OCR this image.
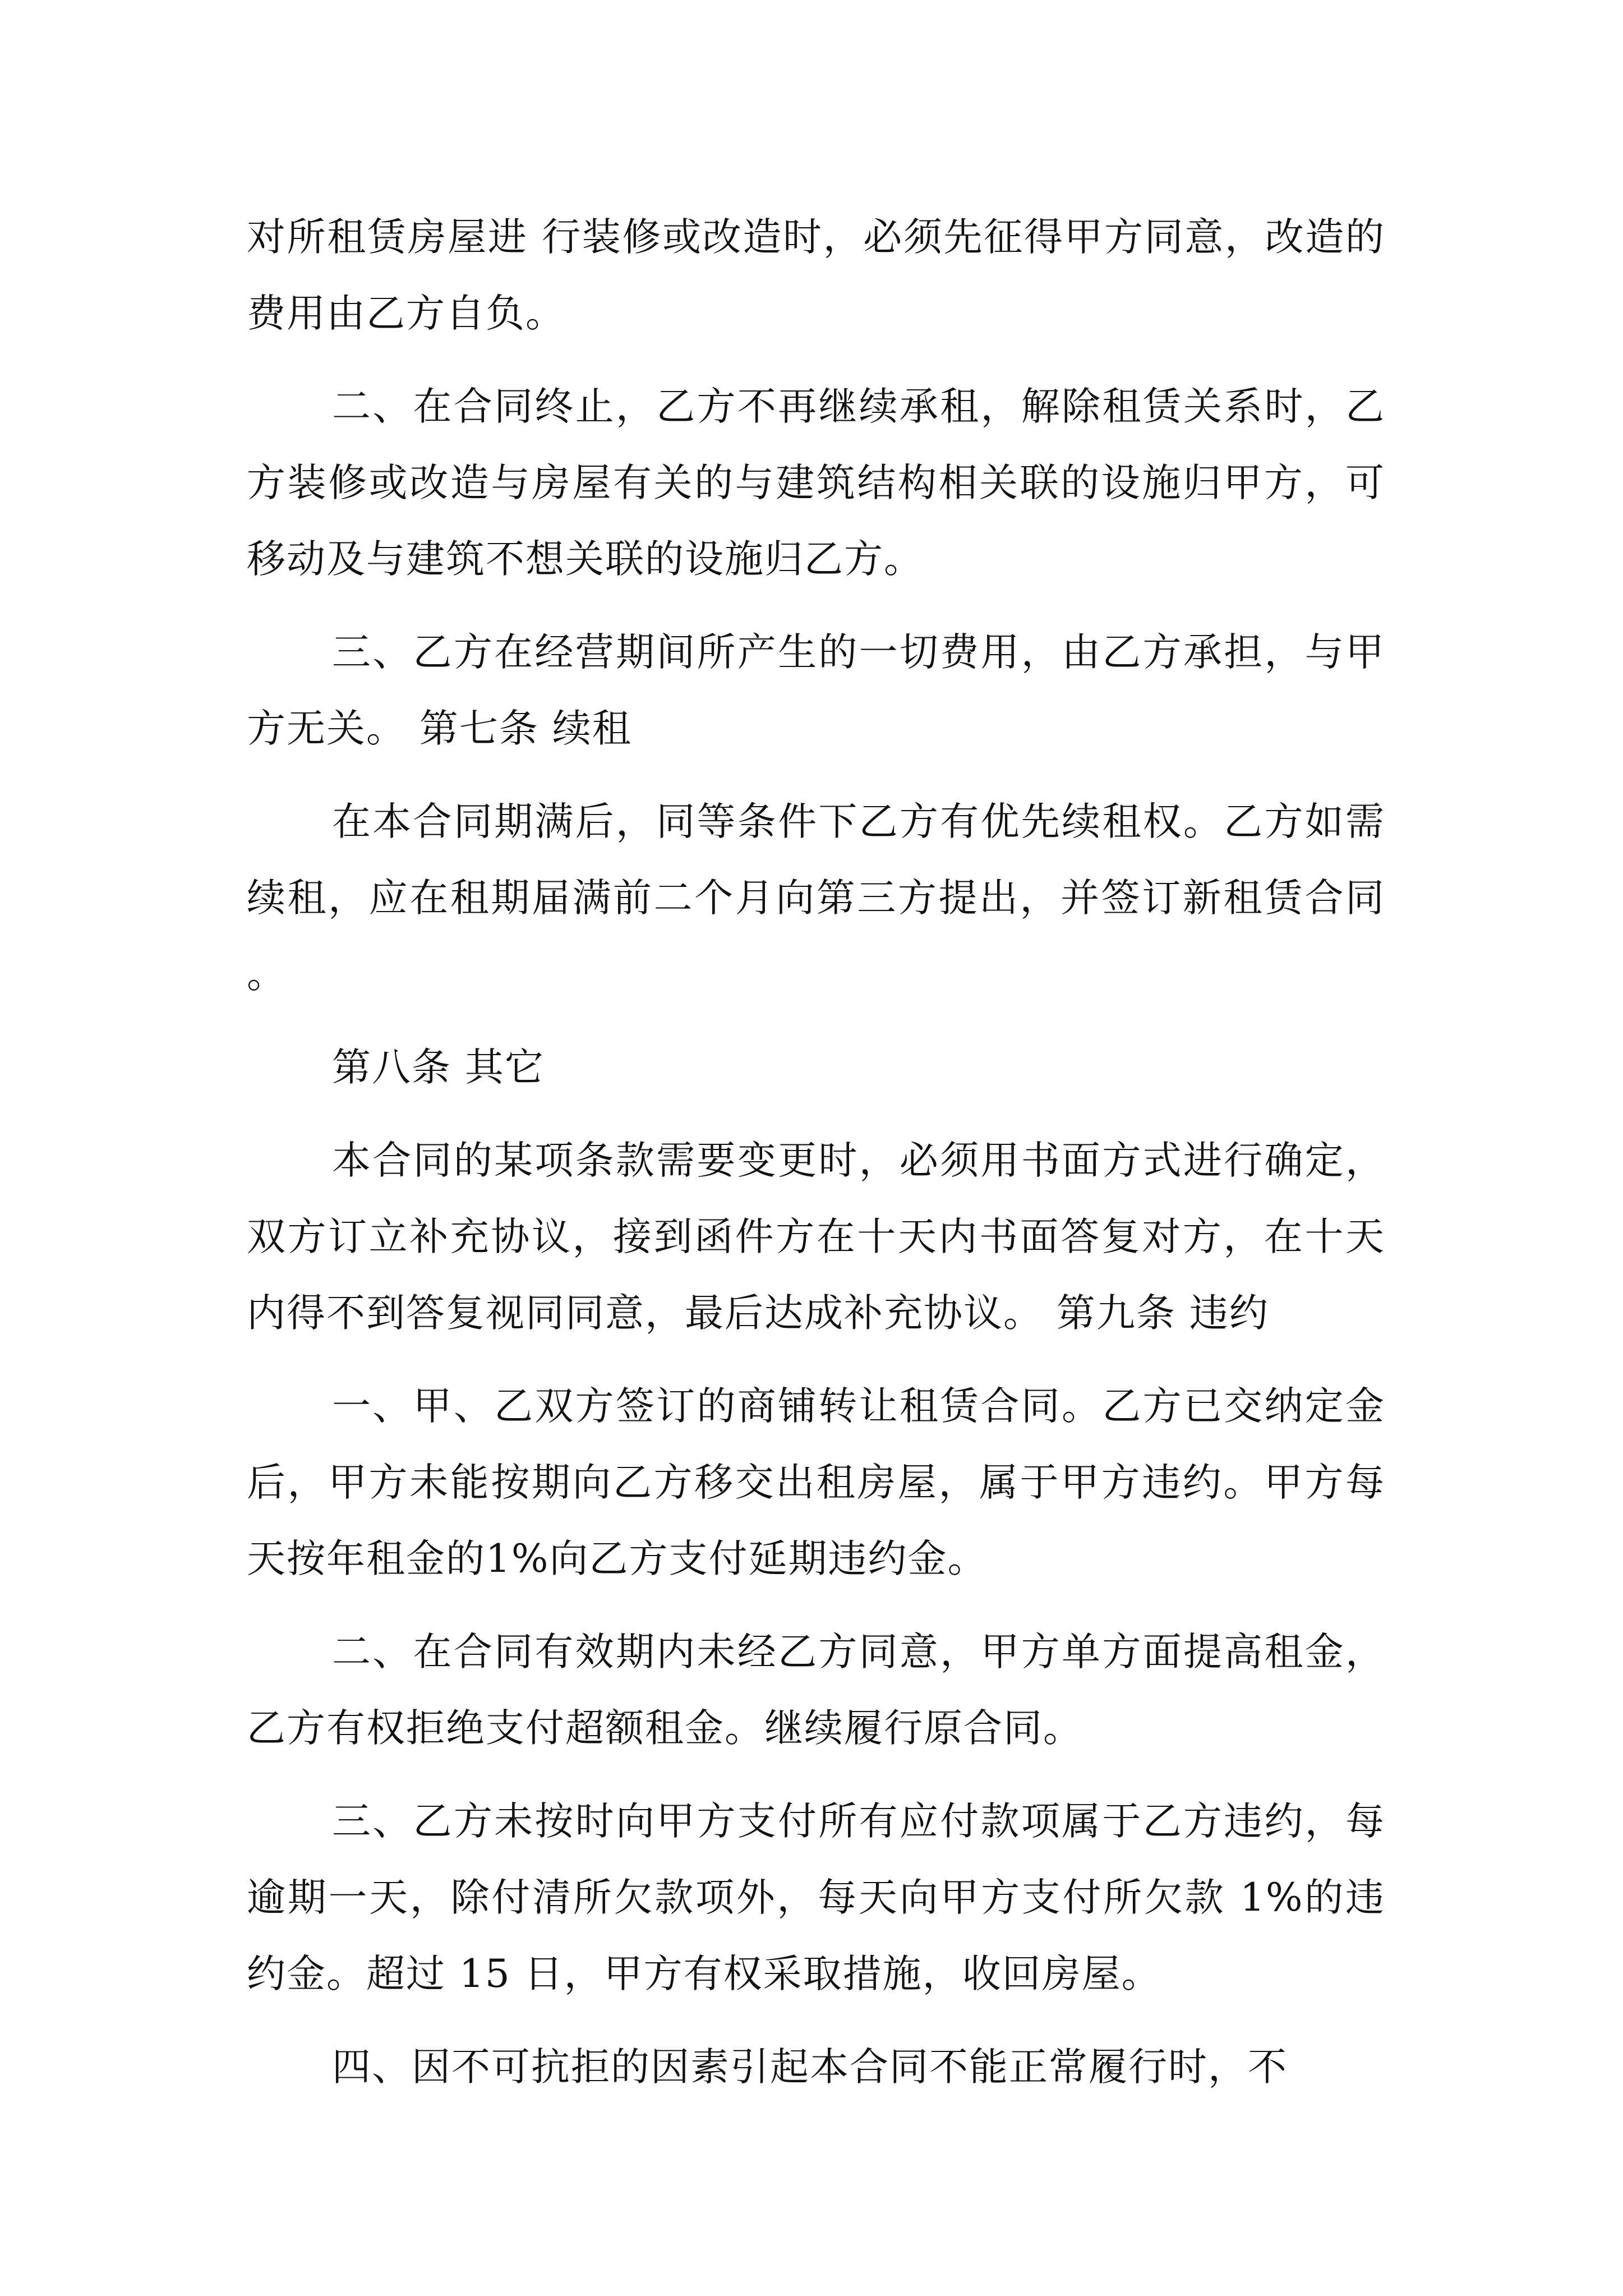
对所租赁房屋进 行装修或改造时，必须先征得甲方同意，改造的费用由乙方自负。

二、在合同终止，乙方不再继续承租，解除租赁关系时，乙方装修或改造与房屋有关的与建筑结构相关联的设施归甲方，可移动及与建筑不想关联的设施归乙方。

三、乙方在经营期间所产生的一切费用，由乙方承担，与甲方无关。 第七条 续租

在本合同期满后，同等条件下乙方有优先续租权。乙方如需续租，应在租期届满前二个月向第三方提出，并签订新租赁合同。

第八条 其它

本合同的某项条款需要变更时，必须用书面方式进行确定，双方订立补充协议，接到函件方在十天内书面答复对方，在十天内得不到答复视同同意，最后达成补充协议。 第九条 违约

一、甲、乙双方签订的商铺转让租赁合同。乙方已交纳定金后，甲方未能按期向乙方移交出租房屋，属于甲方违约。甲方每天按年租金的1%向乙方支付延期违约金。

二、在合同有效期内未经乙方同意，甲方单方面提高租金，乙方有权拒绝支付超额租金。继续履行原合同。

三、乙方未按时向甲方支付所有应付款项属于乙方违约，每逾期一天，除付清所欠款项外，每天向甲方支付所欠款 1%的违约金。超过 15 日，甲方有权采取措施，收回房屋。

四、因不可抗拒的因素引起本合同不能正常履行时，不
